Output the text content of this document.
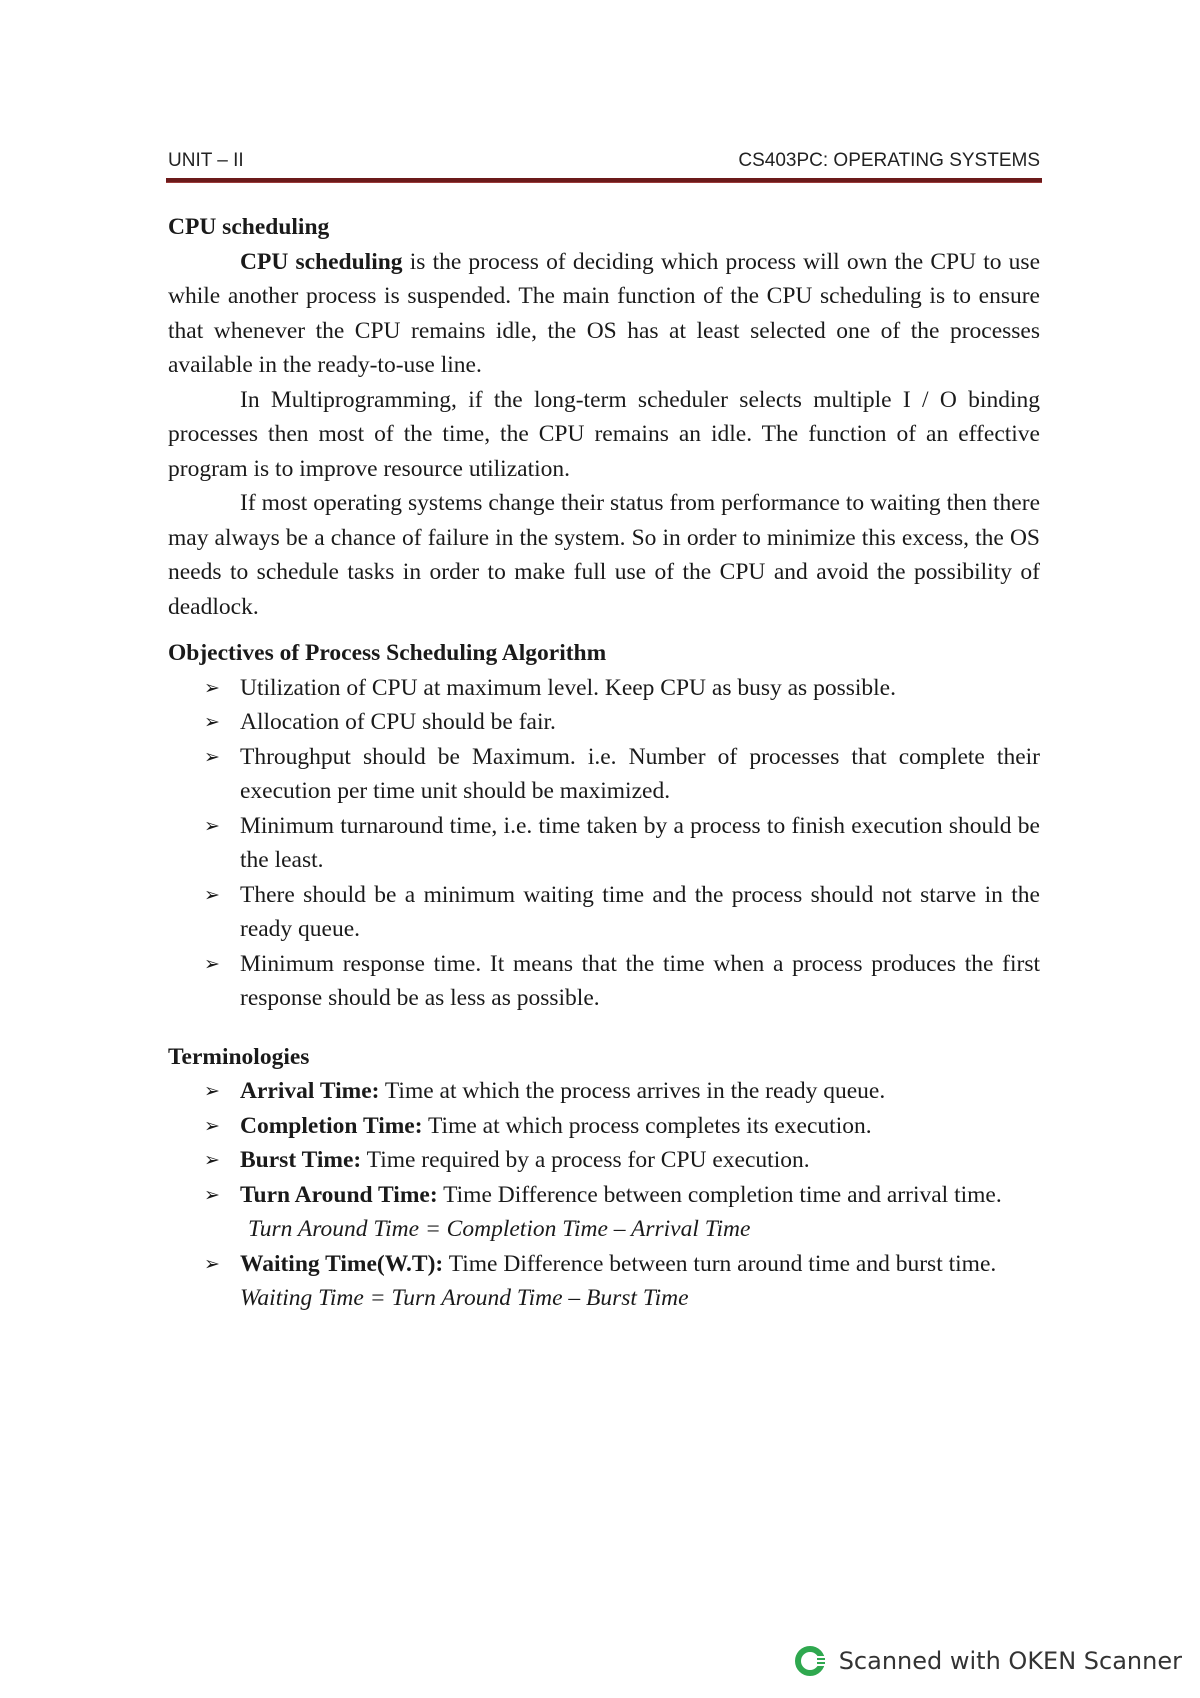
UNIT – II	CS403PC: OPERATING SYSTEMS
CPU scheduling

CPU scheduling is the process of deciding which process will own the CPU to use while another process is suspended. The main function of the CPU scheduling is to ensure that whenever the CPU remains idle, the OS has at least selected one of the processes available in the ready-to-use line.

In Multiprogramming, if the long-term scheduler selects multiple I / O binding processes then most of the time, the CPU remains an idle. The function of an effective program is to improve resource utilization.

If most operating systems change their status from performance to waiting then there may always be a chance of failure in the system. So in order to minimize this excess, the OS needs to schedule tasks in order to make full use of the CPU and avoid the possibility of deadlock.

Objectives of Process Scheduling Algorithm
➢ Utilization of CPU at maximum level. Keep CPU as busy as possible.
➢ Allocation of CPU should be fair.
➢ Throughput should be Maximum. i.e. Number of processes that complete their execution per time unit should be maximized.
➢ Minimum turnaround time, i.e. time taken by a process to finish execution should be the least.
➢ There should be a minimum waiting time and the process should not starve in the ready queue.
➢ Minimum response time. It means that the time when a process produces the first response should be as less as possible.
Terminologies
➢ Arrival Time: Time at which the process arrives in the ready queue.
➢ Completion Time: Time at which process completes its execution.
➢ Burst Time: Time required by a process for CPU execution.
➢ Turn Around Time: Time Difference between completion time and arrival time.
Turn Around Time = Completion Time – Arrival Time
➢ Waiting Time(W.T): Time Difference between turn around time and burst time.
Waiting Time = Turn Around Time – Burst Time
Scanned with OKEN Scanner
